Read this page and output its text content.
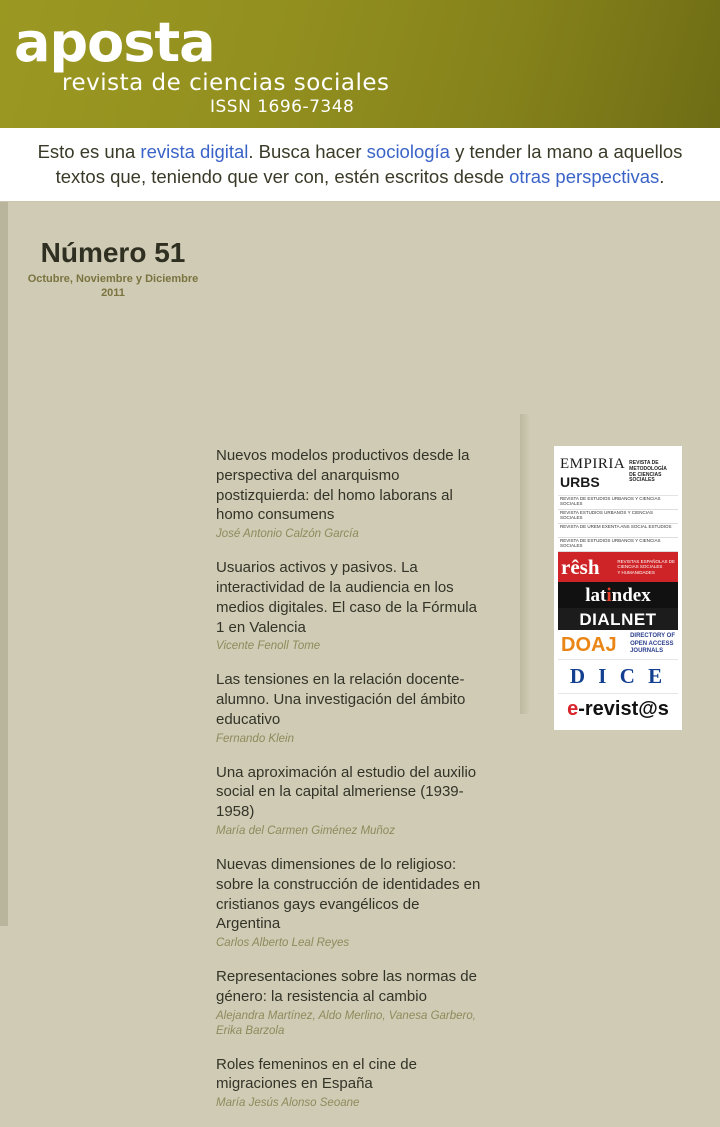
aposta
revista de ciencias sociales
ISSN 1696-7348
Esto es una revista digital. Busca hacer sociología y tender la mano a aquellos textos que, teniendo que ver con, estén escritos desde otras perspectivas.
Número 51
Octubre, Noviembre y Diciembre 2011

Nuevos modelos productivos desde la perspectiva del anarquismo postizquierda: del homo laborans al homo consumens

José Antonio Calzón García

Usuarios activos y pasivos. La interactividad de la audiencia en los medios digitales. El caso de la Fórmula 1 en Valencia

Vicente Fenoll Tome

Las tensiones en la relación docente-alumno. Una investigación del ámbito educativo

Fernando Klein

Una aproximación al estudio del auxilio social en la capital almeriense (1939-1958)

María del Carmen Giménez Muñoz

Nuevas dimensiones de lo religioso: sobre la construcción de identidades en cristianos gays evangélicos de Argentina

Carlos Alberto Leal Reyes

Representaciones sobre las normas de género: la resistencia al cambio

Alejandra Martínez, Aldo Merlino, Vanesa Garbero, Erika Barzola

Roles femeninos en el cine de migraciones en España

María Jesús Alonso Seoane

EMPIRIA
URBS
REVISTA DE
METODOLOGÍA
DE CIENCIAS
SOCIALES
REVISTA DE ESTUDIOS URBANOS Y CIENCIAS SOCIALES
REVISTA ESTUDIOS URBANOS Y CIENCIAS SOCIALES
REVISTA DE UREM EXENTA ANS SOCIAL ESTUDIOS
REVISTA DE ESTUDIOS URBANOS Y CIENCIAS SOCIALES
rêsh	REVISTAS ESPAÑOLAS DE
CIENCIAS SOCIALES
Y HUMANIDADES
latindex
DIALNET
DOAJ DIRECTORY OF
OPEN ACCESS
JOURNALS
D I C E
e-revist@s
